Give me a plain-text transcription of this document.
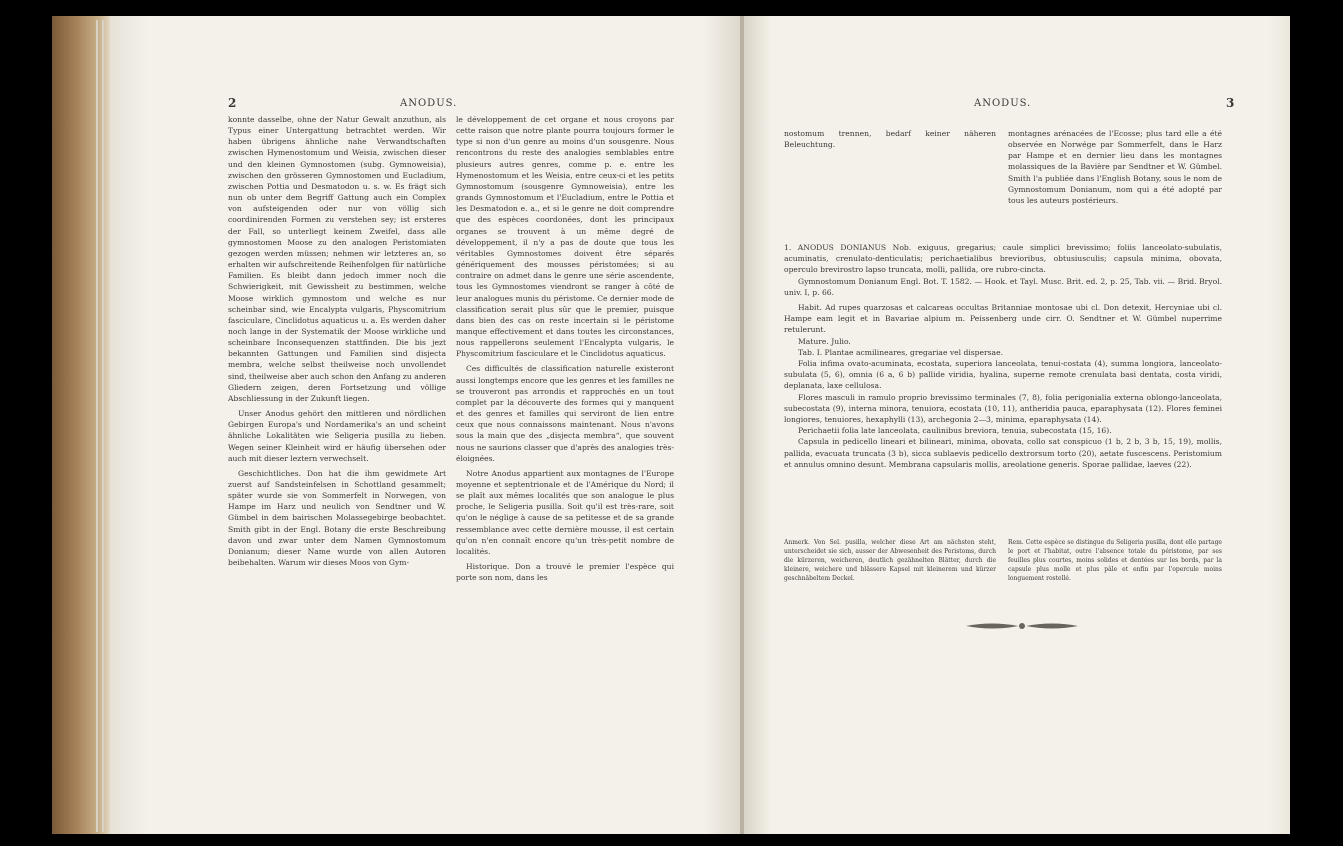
2	ANODUS.

konnte dasselbe, ohne der Natur Gewalt anzuthun, als Typus einer Untergattung betrachtet werden. Wir haben übrigens ähnliche nahe Verwandtschaften zwischen Hymenostomum und Weisia, zwischen dieser und den kleinen Gymnostomen (subg. Gymnoweisia), zwischen den grösseren Gymnostomen und Eucladium, zwischen Pottia und Desmatodon u. s. w. Es frägt sich nun ob unter dem Begriff Gattung auch ein Complex von aufsteigenden oder nur von völlig sich coordinirenden Formen zu verstehen sey; ist ersteres der Fall, so unterliegt keinem Zweifel, dass alle gymnostomen Moose zu den analogen Peristomiaten gezogen werden müssen; nehmen wir letzteres an, so erhalten wir aufschreitende Reihenfolgen für natürliche Familien. Es bleibt dann jedoch immer noch die Schwierigkeit, mit Gewissheit zu bestimmen, welche Moose wirklich gymnostom und welche es nur scheinbar sind, wie Encalypta vulgaris, Physcomitrium fasciculare, Cinclidotus aquaticus u. a. Es werden daher noch lange in der Systematik der Moose wirkliche und scheinbare Inconsequenzen stattfinden. Die bis jezt bekannten Gattungen und Familien sind disjecta membra, welche selbst theilweise noch unvollendet sind, theilweise aber auch schon den Anfang zu anderen Gliedern zeigen, deren Fortsetzung und völlige Abschliessung in der Zukunft liegen.

Unser Anodus gehört den mittleren und nördlichen Gebirgen Europa's und Nordamerika's an und scheint ähnliche Lokalitäten wie Seligeria pusilla zu lieben. Wegen seiner Kleinheit wird er häufig übersehen oder auch mit dieser leztern verwechselt.

Geschichtliches. Don hat die ihm gewidmete Art zuerst auf Sandsteinfelsen in Schottland gesammelt; später wurde sie von Sommerfelt in Norwegen, von Hampe im Harz und neulich von Sendtner und W. Gümbel in dem bairischen Molassegebirge beobachtet. Smith gibt in der Engl. Botany die erste Beschreibung davon und zwar unter dem Namen Gymnostomum Donianum; dieser Name wurde von allen Autoren beibehalten. Warum wir dieses Moos von Gym-

le développement de cet organe et nous croyons par cette raison que notre plante pourra toujours former le type si non d'un genre au moins d'un sousgenre. Nous rencontrons du reste des analogies semblables entre plusieurs autres genres, comme p. e. entre les Hymenostomum et les Weisia, entre ceux-ci et les petits Gymnostomum (sousgenre Gymnoweisia), entre les grands Gymnostomum et l'Eucladium, entre le Pottia et les Desmatodon e. a., et si le genre ne doit comprendre que des espèces coordonées, dont les principaux organes se trouvent à un même degré de développement, il n'y a pas de doute que tous les véritables Gymnostomes doivent être séparés génériquement des mousses péristomées; si au contraire on admet dans le genre une série ascendente, tous les Gymnostomes viendront se ranger à côté de leur analogues munis du péristome. Ce dernier mode de classification serait plus sûr que le premier, puisque dans bien des cas on reste incertain si le péristome manque effectivement et dans toutes les circonstances, nous rappellerons seulement l'Encalypta vulgaris, le Physcomitrium fasciculare et le Cinclidotus aquaticus.

Ces difficultés de classification naturelle existeront aussi longtemps encore que les genres et les familles ne se trouveront pas arrondis et rapprochés en un tout complet par la découverte des formes qui y manquent et des genres et familles qui serviront de lien entre ceux que nous connaissons maintenant. Nous n'avons sous la main que des „disjecta membra“, que souvent nous ne saurions classer que d'après des analogies très-éloignées.

Notre Anodus appartient aux montagnes de l'Europe moyenne et septentrionale et de l'Amérique du Nord; il se plaît aux mêmes localités que son analogue le plus proche, le Seligeria pusilla. Soit qu'il est très-rare, soit qu'on le néglige à cause de sa petitesse et de sa grande ressemblance avec cette dernière mousse, il est certain qu'on n'en connaît encore qu'un très-petit nombre de localités.

Historique. Don a trouvé le premier l'espèce qui porte son nom, dans les

ANODUS.	3

nostomum trennen, bedarf keiner näheren Beleuchtung.

montagnes arénacées de l'Ecosse; plus tard elle a été observée en Norwége par Sommerfelt, dans le Harz par Hampe et en dernier lieu dans les montagnes molassiques de la Bavière par Sendtner et W. Gümbel. Smith l'a publiée dans l'English Botany, sous le nom de Gymnostomum Donianum, nom qui a été adopté par tous les auteurs postérieurs.

1. ANODUS DONIANUS Nob. exiguus, gregarius; caule simplici brevissimo; foliis lanceolato-subulatis, acuminatis, crenulato-denticulatis; perichaetialibus brevioribus, obtusiusculis; capsula minima, obovata, operculo brevirostro lapso truncata, molli, pallida, ore rubro-cincta.

Gymnostomum Donianum Engl. Bot. T. 1582. — Hook. et Tayl. Musc. Brit. ed. 2, p. 25, Tab. vii. — Brid. Bryol. univ. I, p. 66.

Habit. Ad rupes quarzosas et calcareas occultas Britanniae montosae ubi cl. Don detexit, Hercyniae ubi cl. Hampe eam legit et in Bavariae alpium m. Peissenberg unde cirr. O. Sendtner et W. Gümbel nuperrime retulerunt.

Mature. Julio.

Tab. I. Plantae acmilineares, gregariae vel dispersae.

Folia infima ovato-acuminata, ecostata, superiora lanceolata, tenui-costata (4), summa longiora, lanceolato-subulata (5, 6), omnia (6 a, 6 b) pallide viridia, hyalina, superne remote crenulata basi dentata, costa viridi, deplanata, laxe cellulosa.

Flores masculi in ramulo proprio brevissimo terminales (7, 8), folia perigonialia externa oblongo-lanceolata, subecostata (9), interna minora, tenuiora, ecostata (10, 11), antheridia pauca, eparaphysata (12). Flores feminei longiores, tenuiores, hexaphylli (13), archegonia 2—3, minima, eparaphysata (14).

Perichaetii folia late lanceolata, caulinibus breviora, tenuia, subecostata (15, 16).

Capsula in pedicello lineari et bilineari, minima, obovata, collo sat conspicuo (1 b, 2 b, 3 b, 15, 19), mollis, pallida, evacuata truncata (3 b), sicca sublaevis pedicello dextrorsum torto (20), aetate fuscescens. Peristomium et annulus omnino desunt. Membrana capsularis mollis, areolatione generis. Sporae pallidae, laeves (22).

Anmerk. Von Sel. pusilla, welcher diese Art am nächsten steht, unterscheidet sie sich, ausser der Abwesenheit des Peristoms, durch die kürzeren, weicheren, deutlich gezähnelten Blätter, durch die kleinere, weichere und blässere Kapsel mit kleinerem und kürzer geschnäbeltem Deckel.
Rem. Cette espèce se distingue du Seligeria pusilla, dont elle partage le port et l'habitat, outre l'absence totale du péristome, par ses feuilles plus courtes, moins solides et dentées sur les bords, par la capsule plus molle et plus pâle et enfin par l'opercule moins longuement rostellé.
